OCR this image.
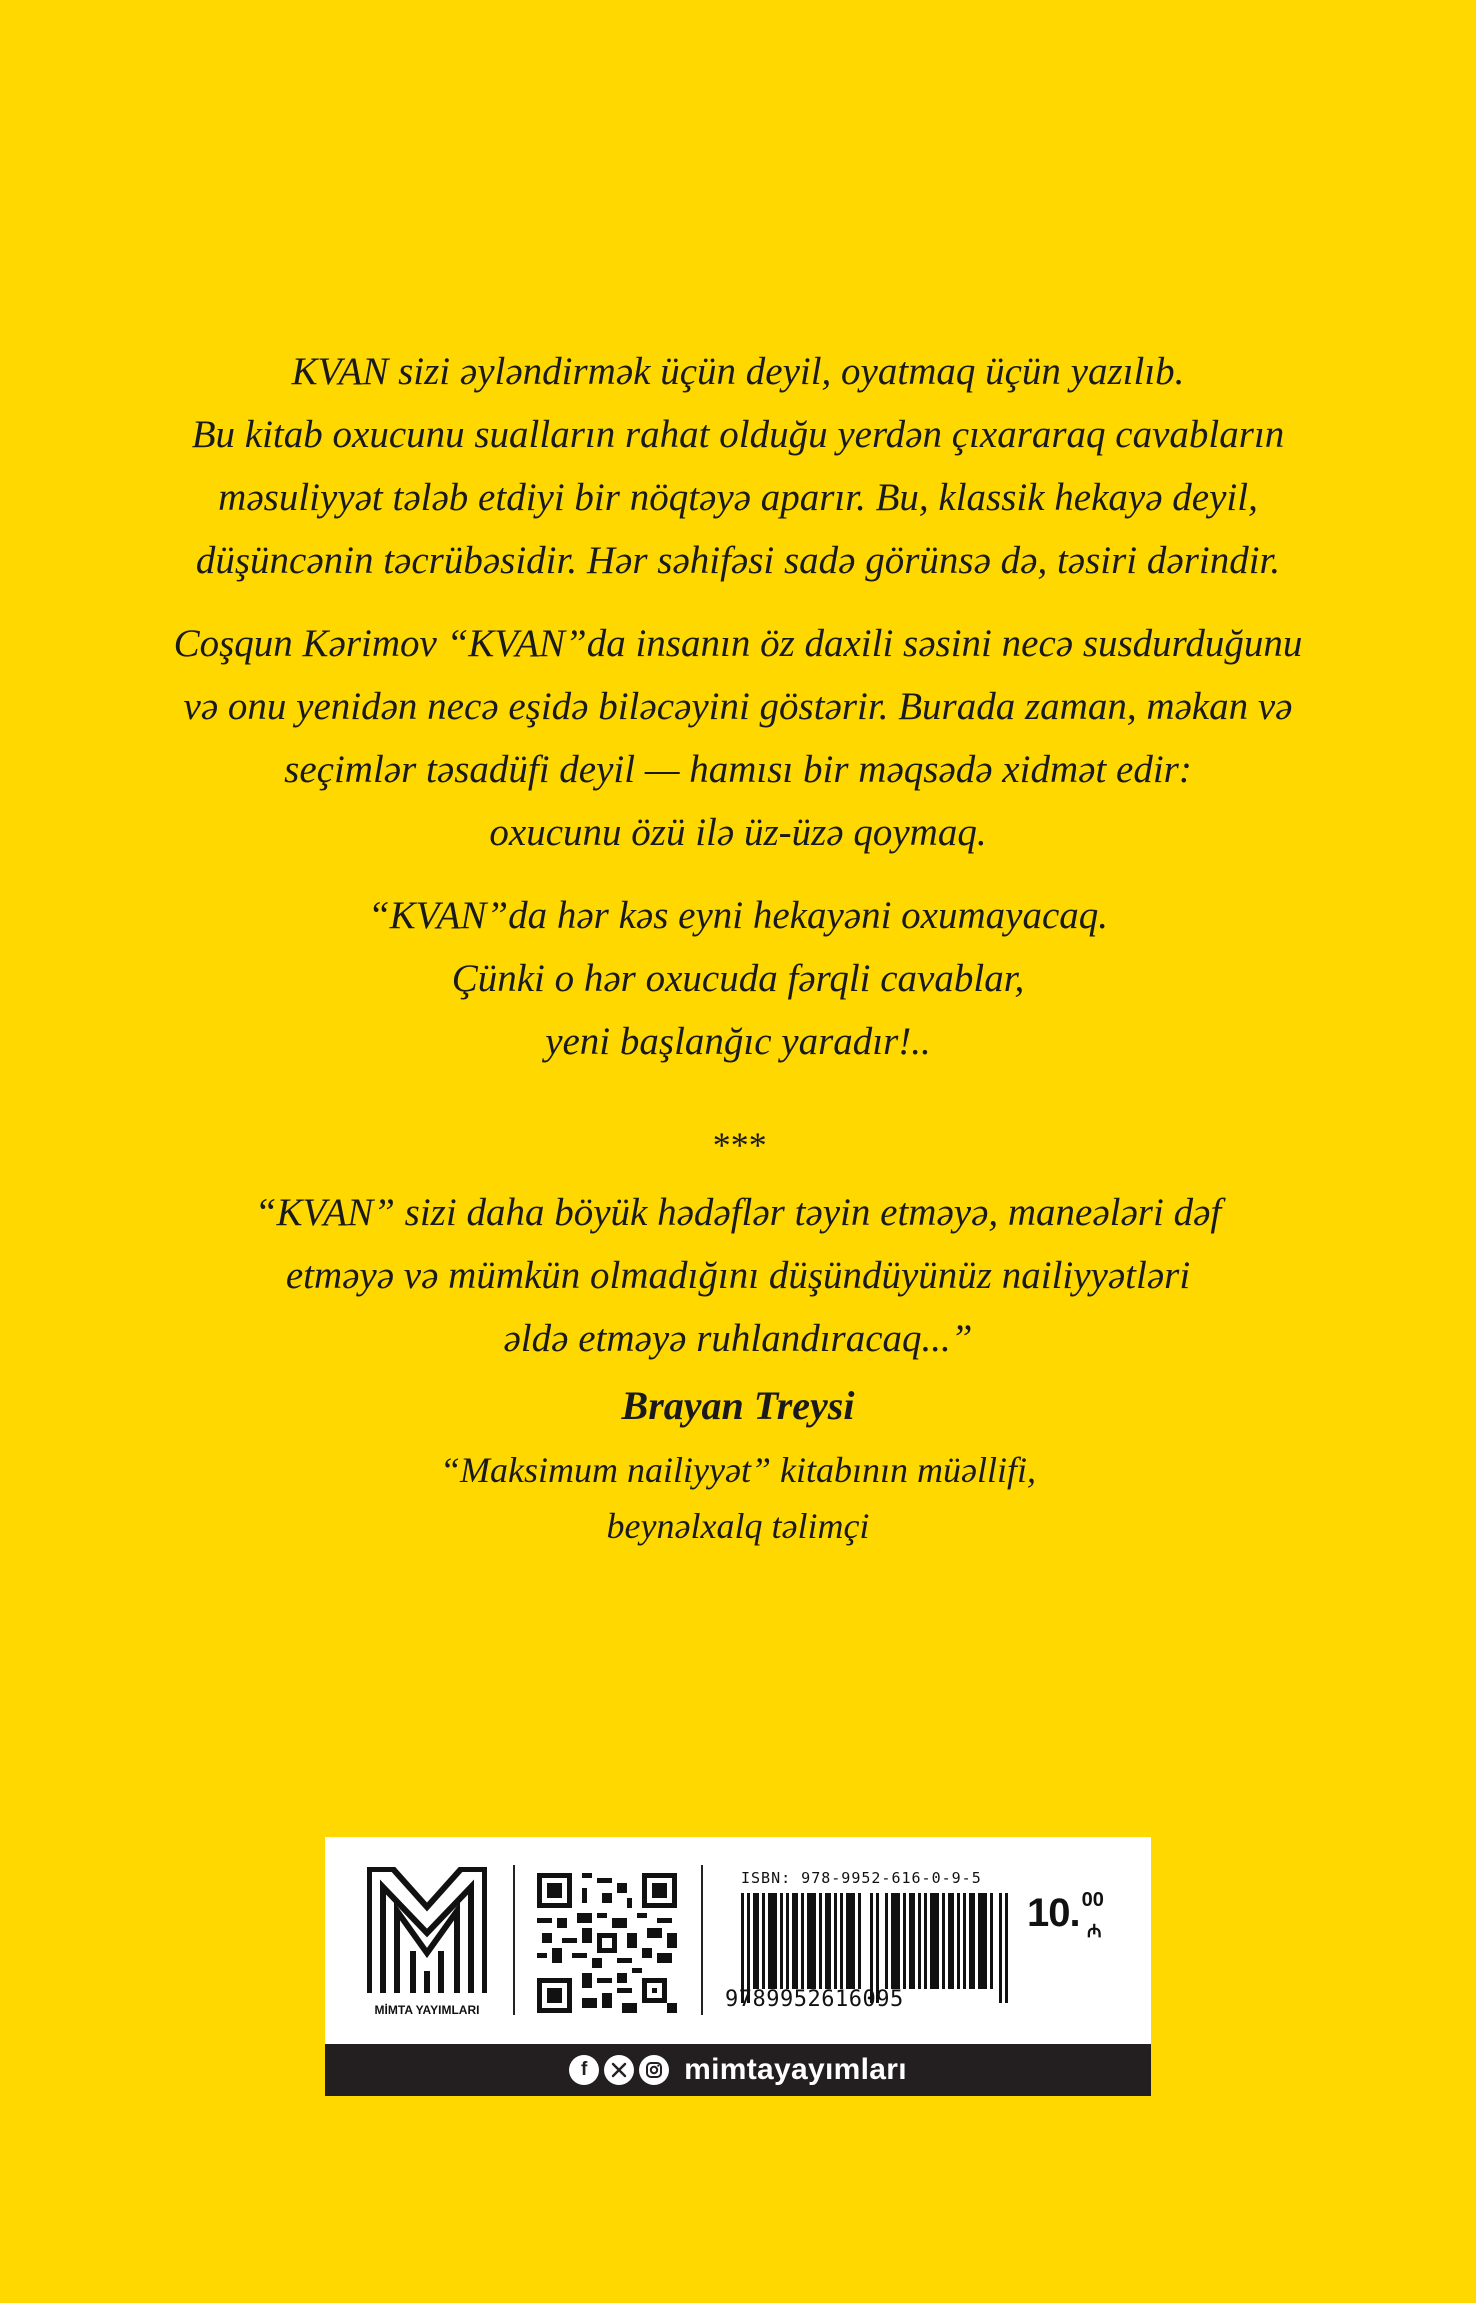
KVAN sizi əyləndirmək üçün deyil, oyatmaq üçün yazılıb.
Bu kitab oxucunu sualların rahat olduğu yerdən çıxararaq cavabların
məsuliyyət tələb etdiyi bir nöqtəyə aparır. Bu, klassik hekayə deyil,
düşüncənin təcrübəsidir. Hər səhifəsi sadə görünsə də, təsiri dərindir.

Coşqun Kərimov “KVAN”da insanın öz daxili səsini necə susdurduğunu
və onu yenidən necə eşidə biləcəyini göstərir. Burada zaman, məkan və
seçimlər təsadüfi deyil — hamısı bir məqsədə xidmət edir:
oxucunu özü ilə üz-üzə qoymaq.

“KVAN”da hər kəs eyni hekayəni oxumayacaq.
Çünki o hər oxucuda fərqli cavablar,
yeni başlanğıc yaradır!..

***

“KVAN” sizi daha böyük hədəflər təyin etməyə, maneələri dəf
etməyə və mümkün olmadığını düşündüyünüz nailiyyətləri
əldə etməyə ruhlandıracaq...”

Brayan Treysi
“Maksimum nailiyyət” kitabının müəllifi,
beynəlxalq təlimçi
MİMTA YAYIMLARI
ISBN: 978-9952-616-0-9-5
9789952616095
10. 00
₼
f	mimtayayımları
